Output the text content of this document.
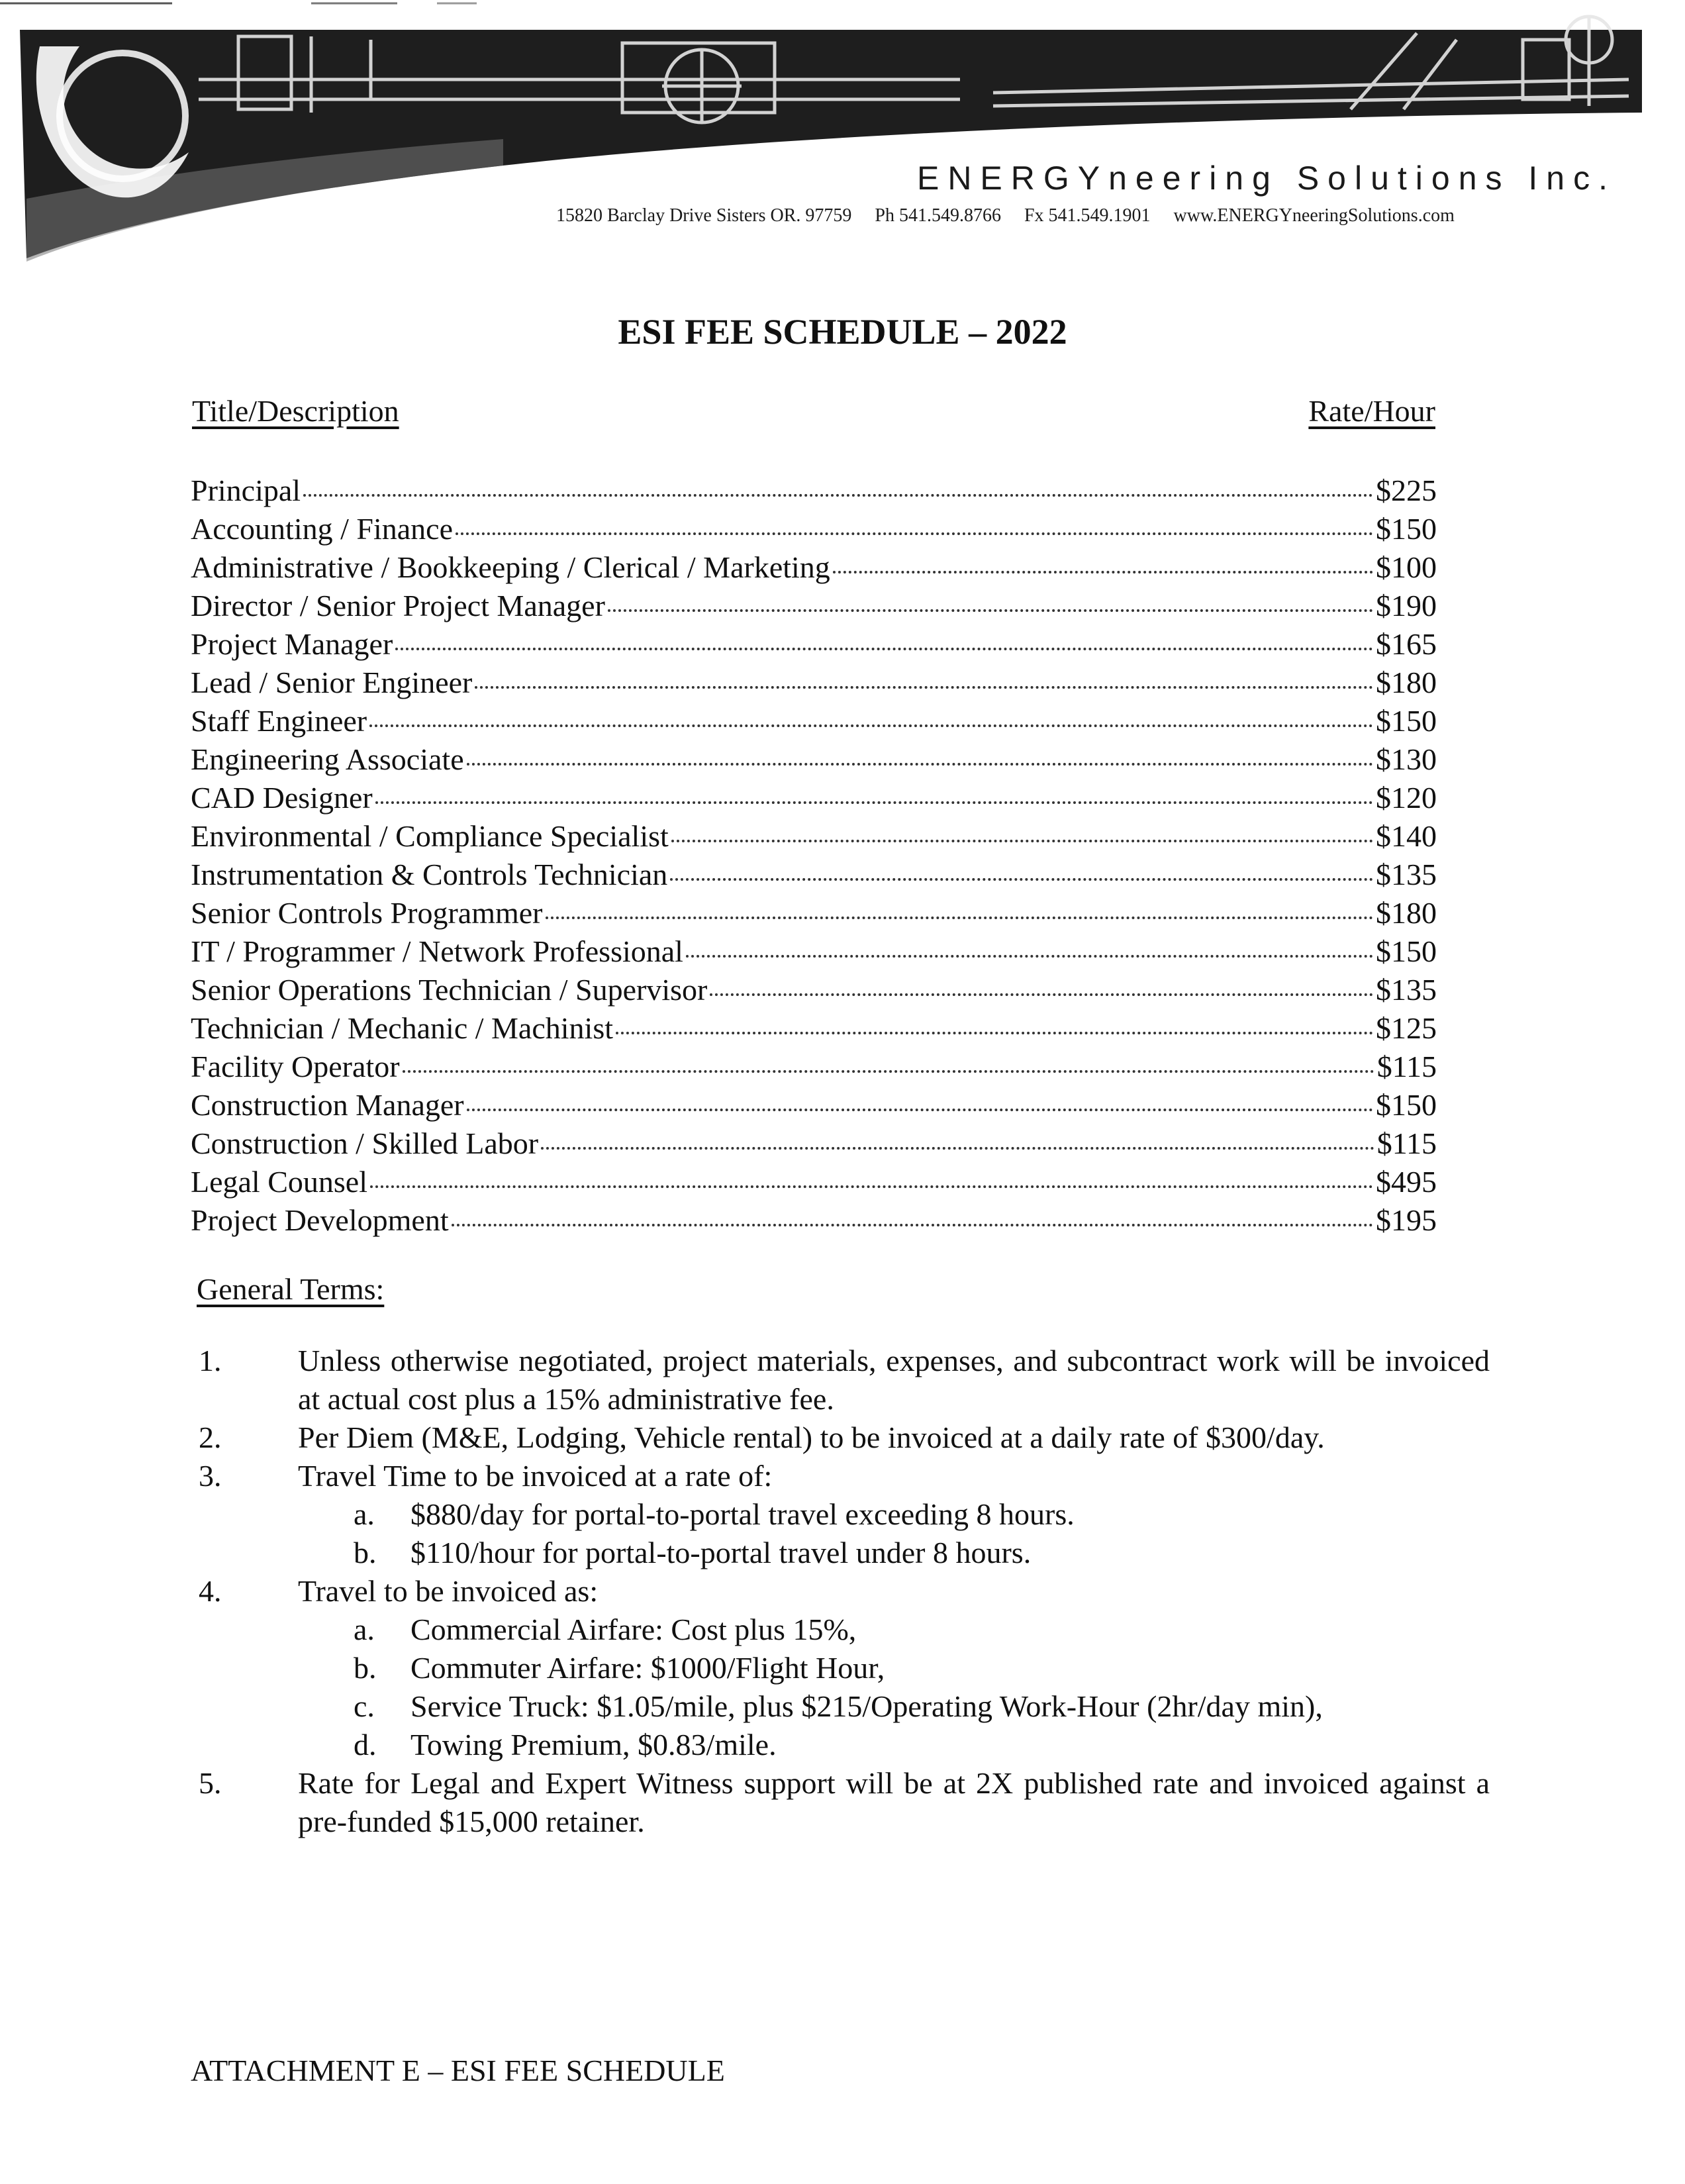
ENERGYneering Solutions Inc.
15820 Barclay Drive Sisters OR. 97759 Ph 541.549.8766 Fx 541.549.1901 www.ENERGYneeringSolutions.com
ESI FEE SCHEDULE – 2022
Title/Description	Rate/Hour
Principal	$225
Accounting / Finance	$150
Administrative / Bookkeeping / Clerical / Marketing	$100
Director / Senior Project Manager	$190
Project Manager	$165
Lead / Senior Engineer	$180
Staff Engineer	$150
Engineering Associate	$130
CAD Designer	$120
Environmental / Compliance Specialist	$140
Instrumentation & Controls Technician	$135
Senior Controls Programmer	$180
IT / Programmer / Network Professional	$150
Senior Operations Technician / Supervisor	$135
Technician / Mechanic / Machinist	$125
Facility Operator	$115
Construction Manager	$150
Construction / Skilled Labor	$115
Legal Counsel	$495
Project Development	$195
General Terms:
1.	Unless otherwise negotiated, project materials, expenses, and subcontract work will be invoiced at actual cost plus a 15% administrative fee.
2.	Per Diem (M&E, Lodging, Vehicle rental) to be invoiced at a daily rate of $300/day.
3.	Travel Time to be invoiced at a rate of:
a.	$880/day for portal-to-portal travel exceeding 8 hours.
b.	$110/hour for portal-to-portal travel under 8 hours.
4.	Travel to be invoiced as:
a.	Commercial Airfare: Cost plus 15%,
b.	Commuter Airfare: $1000/Flight Hour,
c.	Service Truck: $1.05/mile, plus $215/Operating Work-Hour (2hr/day min),
d.	Towing Premium, $0.83/mile.
5.	Rate for Legal and Expert Witness support will be at 2X published rate and invoiced against a pre-funded $15,000 retainer.
ATTACHMENT E – ESI FEE SCHEDULE
